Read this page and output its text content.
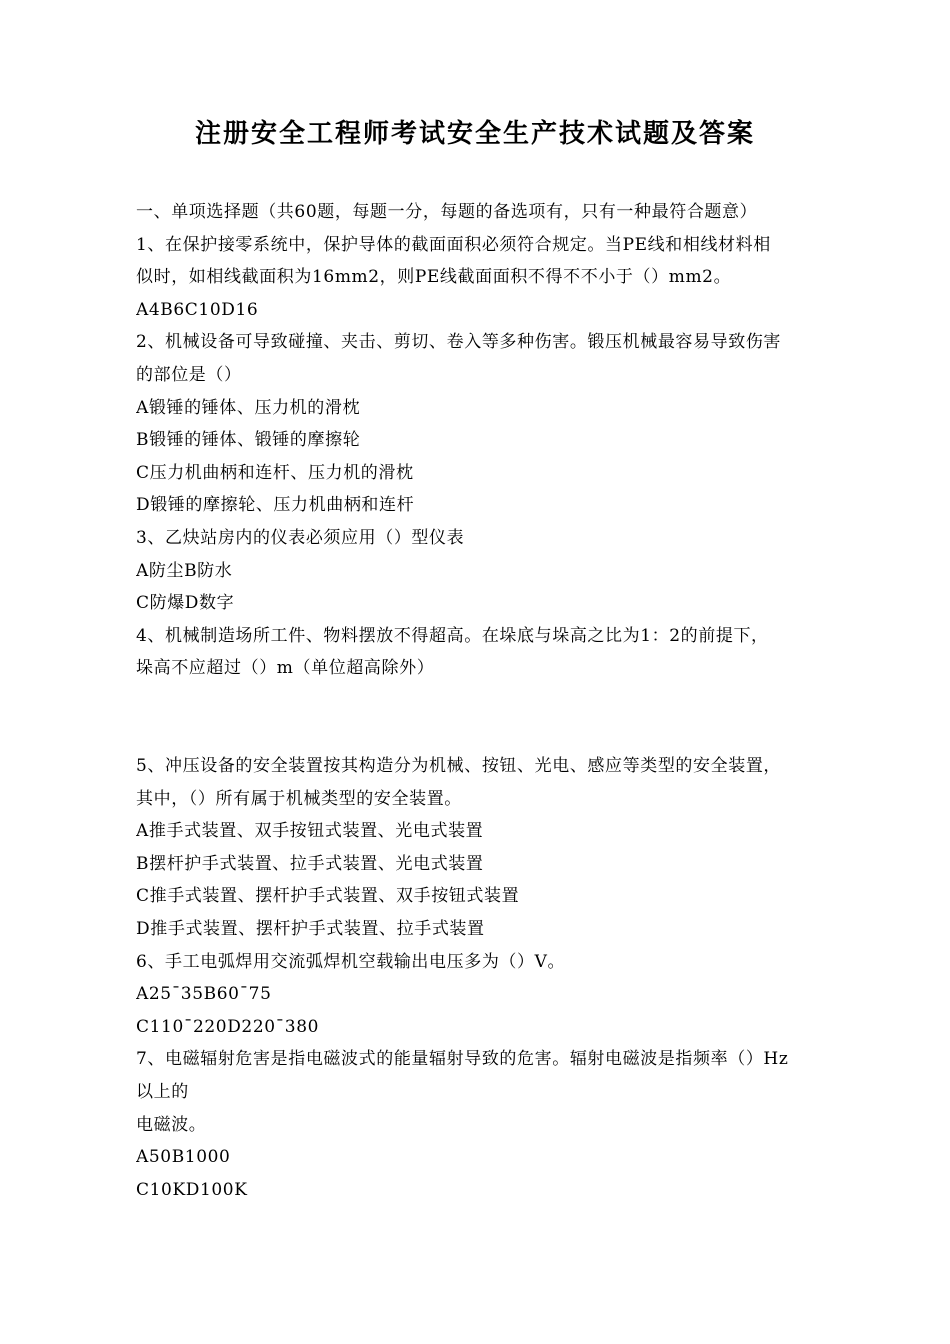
注册安全工程师考试安全生产技术试题及答案
一、单项选择题（共60题，每题一分，每题的备选项有，只有一种最符合题意）
1、在保护接零系统中，保护导体的截面面积必须符合规定。当PE线和相线材料相
似时，如相线截面积为16mm2，则PE线截面面积不得不不小于（）mm2。
A4B6C10D16
2、机械设备可导致碰撞、夹击、剪切、卷入等多种伤害。锻压机械最容易导致伤害
的部位是（）
A锻锤的锤体、压力机的滑枕
B锻锤的锤体、锻锤的摩擦轮
C压力机曲柄和连杆、压力机的滑枕
D锻锤的摩擦轮、压力机曲柄和连杆
3、乙炔站房内的仪表必须应用（）型仪表
A防尘B防水
C防爆D数字
4、机械制造场所工件、物料摆放不得超高。在垛底与垛高之比为1：2的前提下，
垛高不应超过（）m（单位超高除外）
5、冲压设备的安全装置按其构造分为机械、按钮、光电、感应等类型的安全装置，
其中，（）所有属于机械类型的安全装置。
A推手式装置、双手按钮式装置、光电式装置
B摆杆护手式装置、拉手式装置、光电式装置
C推手式装置、摆杆护手式装置、双手按钮式装置
D推手式装置、摆杆护手式装置、拉手式装置
6、手工电弧焊用交流弧焊机空载输出电压多为（）V。
A25¯35B60¯75
C110¯220D220¯380
7、电磁辐射危害是指电磁波式的能量辐射导致的危害。辐射电磁波是指频率（）Hz
以上的
电磁波。
A50B1000
C10KD100K
